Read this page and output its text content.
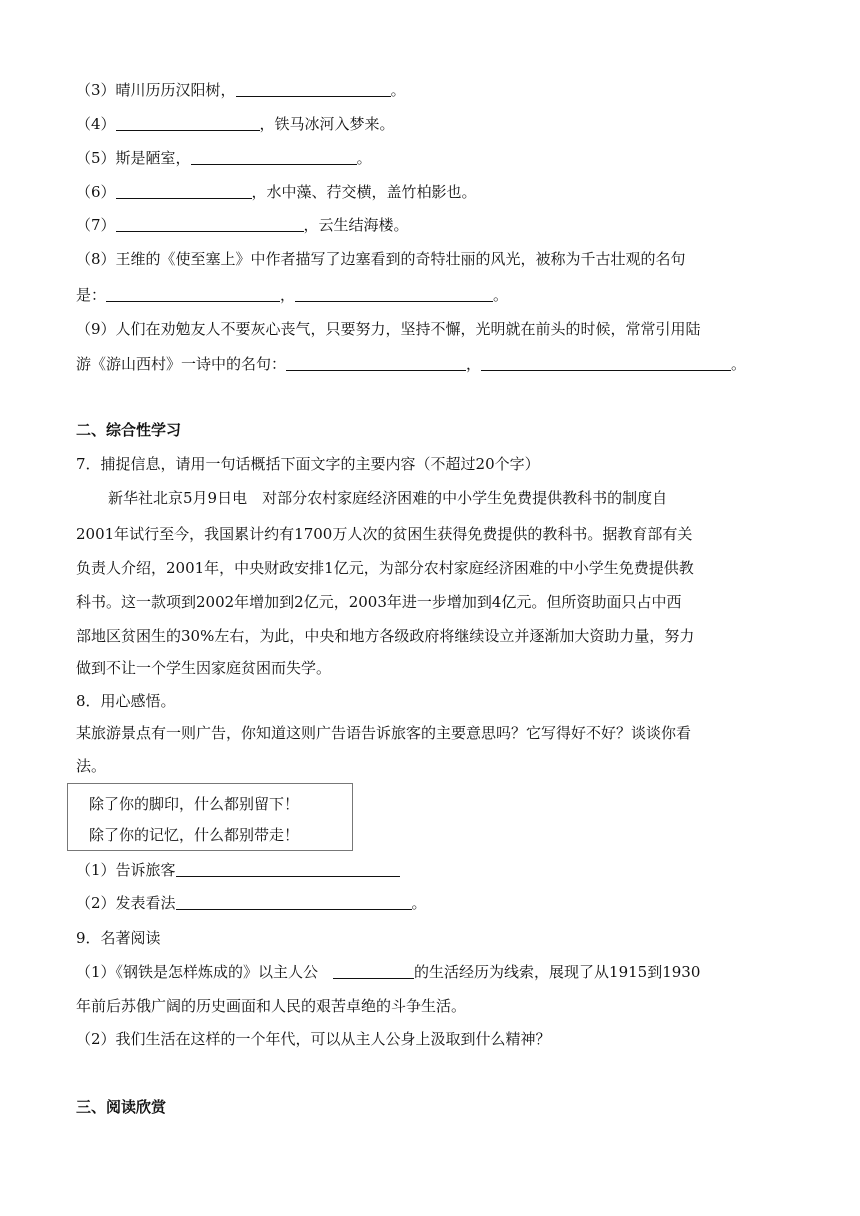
（3）晴川历历汉阳树，	。
（4）	，铁马冰河入梦来。
（5）斯是陋室，	。
（6）	，水中藻、荇交横，盖竹柏影也。
（7）	，云生结海楼。
（8）王维的《使至塞上》中作者描写了边塞看到的奇特壮丽的风光，被称为千古壮观的名句
是：	，	。
（9）人们在劝勉友人不要灰心丧气，只要努力，坚持不懈，光明就在前头的时候，常常引用陆
游《游山西村》一诗中的名句：	，	。
二、综合性学习
7．捕捉信息，请用一句话概括下面文字的主要内容（不超过20个字）
新华社北京5月9日电　对部分农村家庭经济困难的中小学生免费提供教科书的制度自
2001年试行至今，我国累计约有1700万人次的贫困生获得免费提供的教科书。据教育部有关
负责人介绍，2001年，中央财政安排1亿元，为部分农村家庭经济困难的中小学生免费提供教
科书。这一款项到2002年增加到2亿元，2003年进一步增加到4亿元。但所资助面只占中西
部地区贫困生的30%左右，为此，中央和地方各级政府将继续设立并逐渐加大资助力量，努力
做到不让一个学生因家庭贫困而失学。
8．用心感悟。
某旅游景点有一则广告，你知道这则广告语告诉旅客的主要意思吗？它写得好不好？谈谈你看
法。
除了你的脚印，什么都别留下！
除了你的记忆，什么都别带走！
（1）告诉旅客
（2）发表看法	。
9．名著阅读
（1）《钢铁是怎样炼成的》以主人公　	的生活经历为线索，展现了从1915到1930
年前后苏俄广阔的历史画面和人民的艰苦卓绝的斗争生活。
（2）我们生活在这样的一个年代，可以从主人公身上汲取到什么精神？
三、阅读欣赏
